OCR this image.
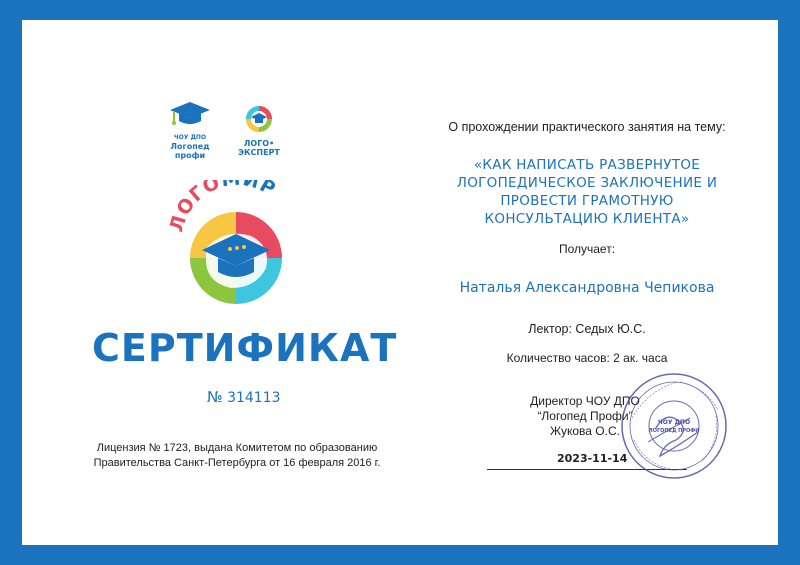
ЧОУ ДПО
Логопед
профи
ЛОГО•
ЭКСПЕРТ
ЛОГО ИР
СЕРТИФИКАТ
№ 314113
Лицензия № 1723, выдана Комитетом по образованию
Правительства Санкт-Петербурга от 16 февраля 2016 г.
О прохождении практического занятия на тему:
«КАК НАПИСАТЬ РАЗВЕРНУТОЕ
ЛОГОПЕДИЧЕСКОЕ ЗАКЛЮЧЕНИЕ И
ПРОВЕСТИ ГРАМОТНУЮ
КОНСУЛЬТАЦИЮ КЛИЕНТА»
Получает:
Наталья Александровна Чепикова
Лектор: Седых Ю.С.
Количество часов: 2 ак. часа
Директор ЧОУ ДПО
“Логопед Профи”
Жукова О.С.
2023-11-14
ЧОУ ДПО
ЛОГОПЕД ПРОФИ
